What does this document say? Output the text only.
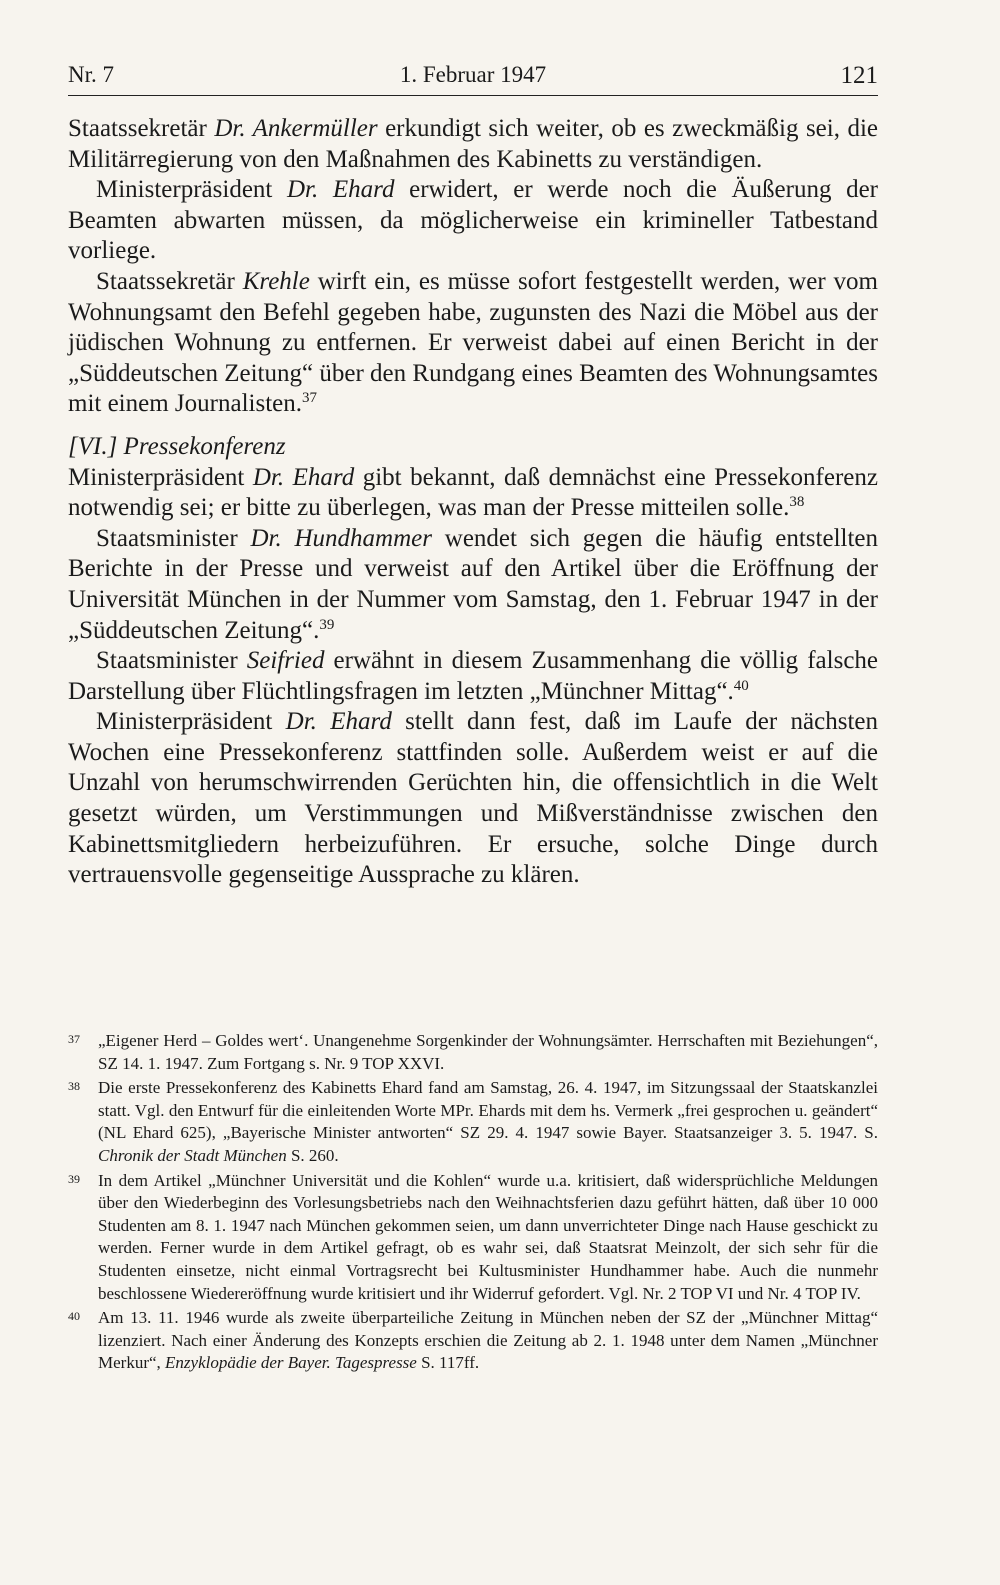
Nr. 7	1. Februar 1947	121

Staatssekretär Dr. Ankermüller erkundigt sich weiter, ob es zweckmäßig sei, die Militärregierung von den Maßnahmen des Kabinetts zu verständigen.

Ministerpräsident Dr. Ehard erwidert, er werde noch die Äußerung der Beamten abwarten müssen, da möglicherweise ein krimineller Tatbestand vorliege.

Staatssekretär Krehle wirft ein, es müsse sofort festgestellt werden, wer vom Wohnungsamt den Befehl gegeben habe, zugunsten des Nazi die Möbel aus der jüdischen Wohnung zu entfernen. Er verweist dabei auf einen Bericht in der „Süddeutschen Zeitung“ über den Rundgang eines Beamten des Wohnungsamtes mit einem Journalisten.$^{37}$

[VI.] Pressekonferenz

Ministerpräsident Dr. Ehard gibt bekannt, daß demnächst eine Pressekonferenz notwendig sei; er bitte zu überlegen, was man der Presse mitteilen solle.$^{38}$

Staatsminister Dr. Hundhammer wendet sich gegen die häufig entstellten Berichte in der Presse und verweist auf den Artikel über die Eröffnung der Universität München in der Nummer vom Samstag, den 1. Februar 1947 in der „Süddeutschen Zeitung“.$^{39}$

Staatsminister Seifried erwähnt in diesem Zusammenhang die völlig falsche Darstellung über Flüchtlingsfragen im letzten „Münchner Mittag“.$^{40}$

Ministerpräsident Dr. Ehard stellt dann fest, daß im Laufe der nächsten Wochen eine Pressekonferenz stattfinden solle. Außerdem weist er auf die Unzahl von herumschwirrenden Gerüchten hin, die offensichtlich in die Welt gesetzt würden, um Verstimmungen und Mißverständnisse zwischen den Kabinettsmitgliedern herbeizuführen. Er ersuche, solche Dinge durch vertrauensvolle gegenseitige Aussprache zu klären.

37 „Eigener Herd – Goldes wert‘. Unangenehme Sorgenkinder der Wohnungsämter. Herrschaften mit Beziehungen“, SZ 14. 1. 1947. Zum Fortgang s. Nr. 9 TOP XXVI.
38 Die erste Pressekonferenz des Kabinetts Ehard fand am Samstag, 26. 4. 1947, im Sitzungssaal der Staatskanzlei statt. Vgl. den Entwurf für die einleitenden Worte MPr. Ehards mit dem hs. Vermerk „frei gesprochen u. geändert“ (NL Ehard 625), „Bayerische Minister antworten“ SZ 29. 4. 1947 sowie Bayer. Staatsanzeiger 3. 5. 1947. S. Chronik der Stadt München S. 260.
39 In dem Artikel „Münchner Universität und die Kohlen“ wurde u.a. kritisiert, daß widersprüchliche Meldungen über den Wiederbeginn des Vorlesungsbetriebs nach den Weihnachtsferien dazu geführt hätten, daß über 10 000 Studenten am 8. 1. 1947 nach München gekommen seien, um dann unverrichteter Dinge nach Hause geschickt zu werden. Ferner wurde in dem Artikel gefragt, ob es wahr sei, daß Staatsrat Meinzolt, der sich sehr für die Studenten einsetze, nicht einmal Vortragsrecht bei Kultusminister Hundhammer habe. Auch die nunmehr beschlossene Wiedereröffnung wurde kritisiert und ihr Widerruf gefordert. Vgl. Nr. 2 TOP VI und Nr. 4 TOP IV.
40 Am 13. 11. 1946 wurde als zweite überparteiliche Zeitung in München neben der SZ der „Münchner Mittag“ lizenziert. Nach einer Änderung des Konzepts erschien die Zeitung ab 2. 1. 1948 unter dem Namen „Münchner Merkur“, Enzyklopädie der Bayer. Tagespresse S. 117ff.
